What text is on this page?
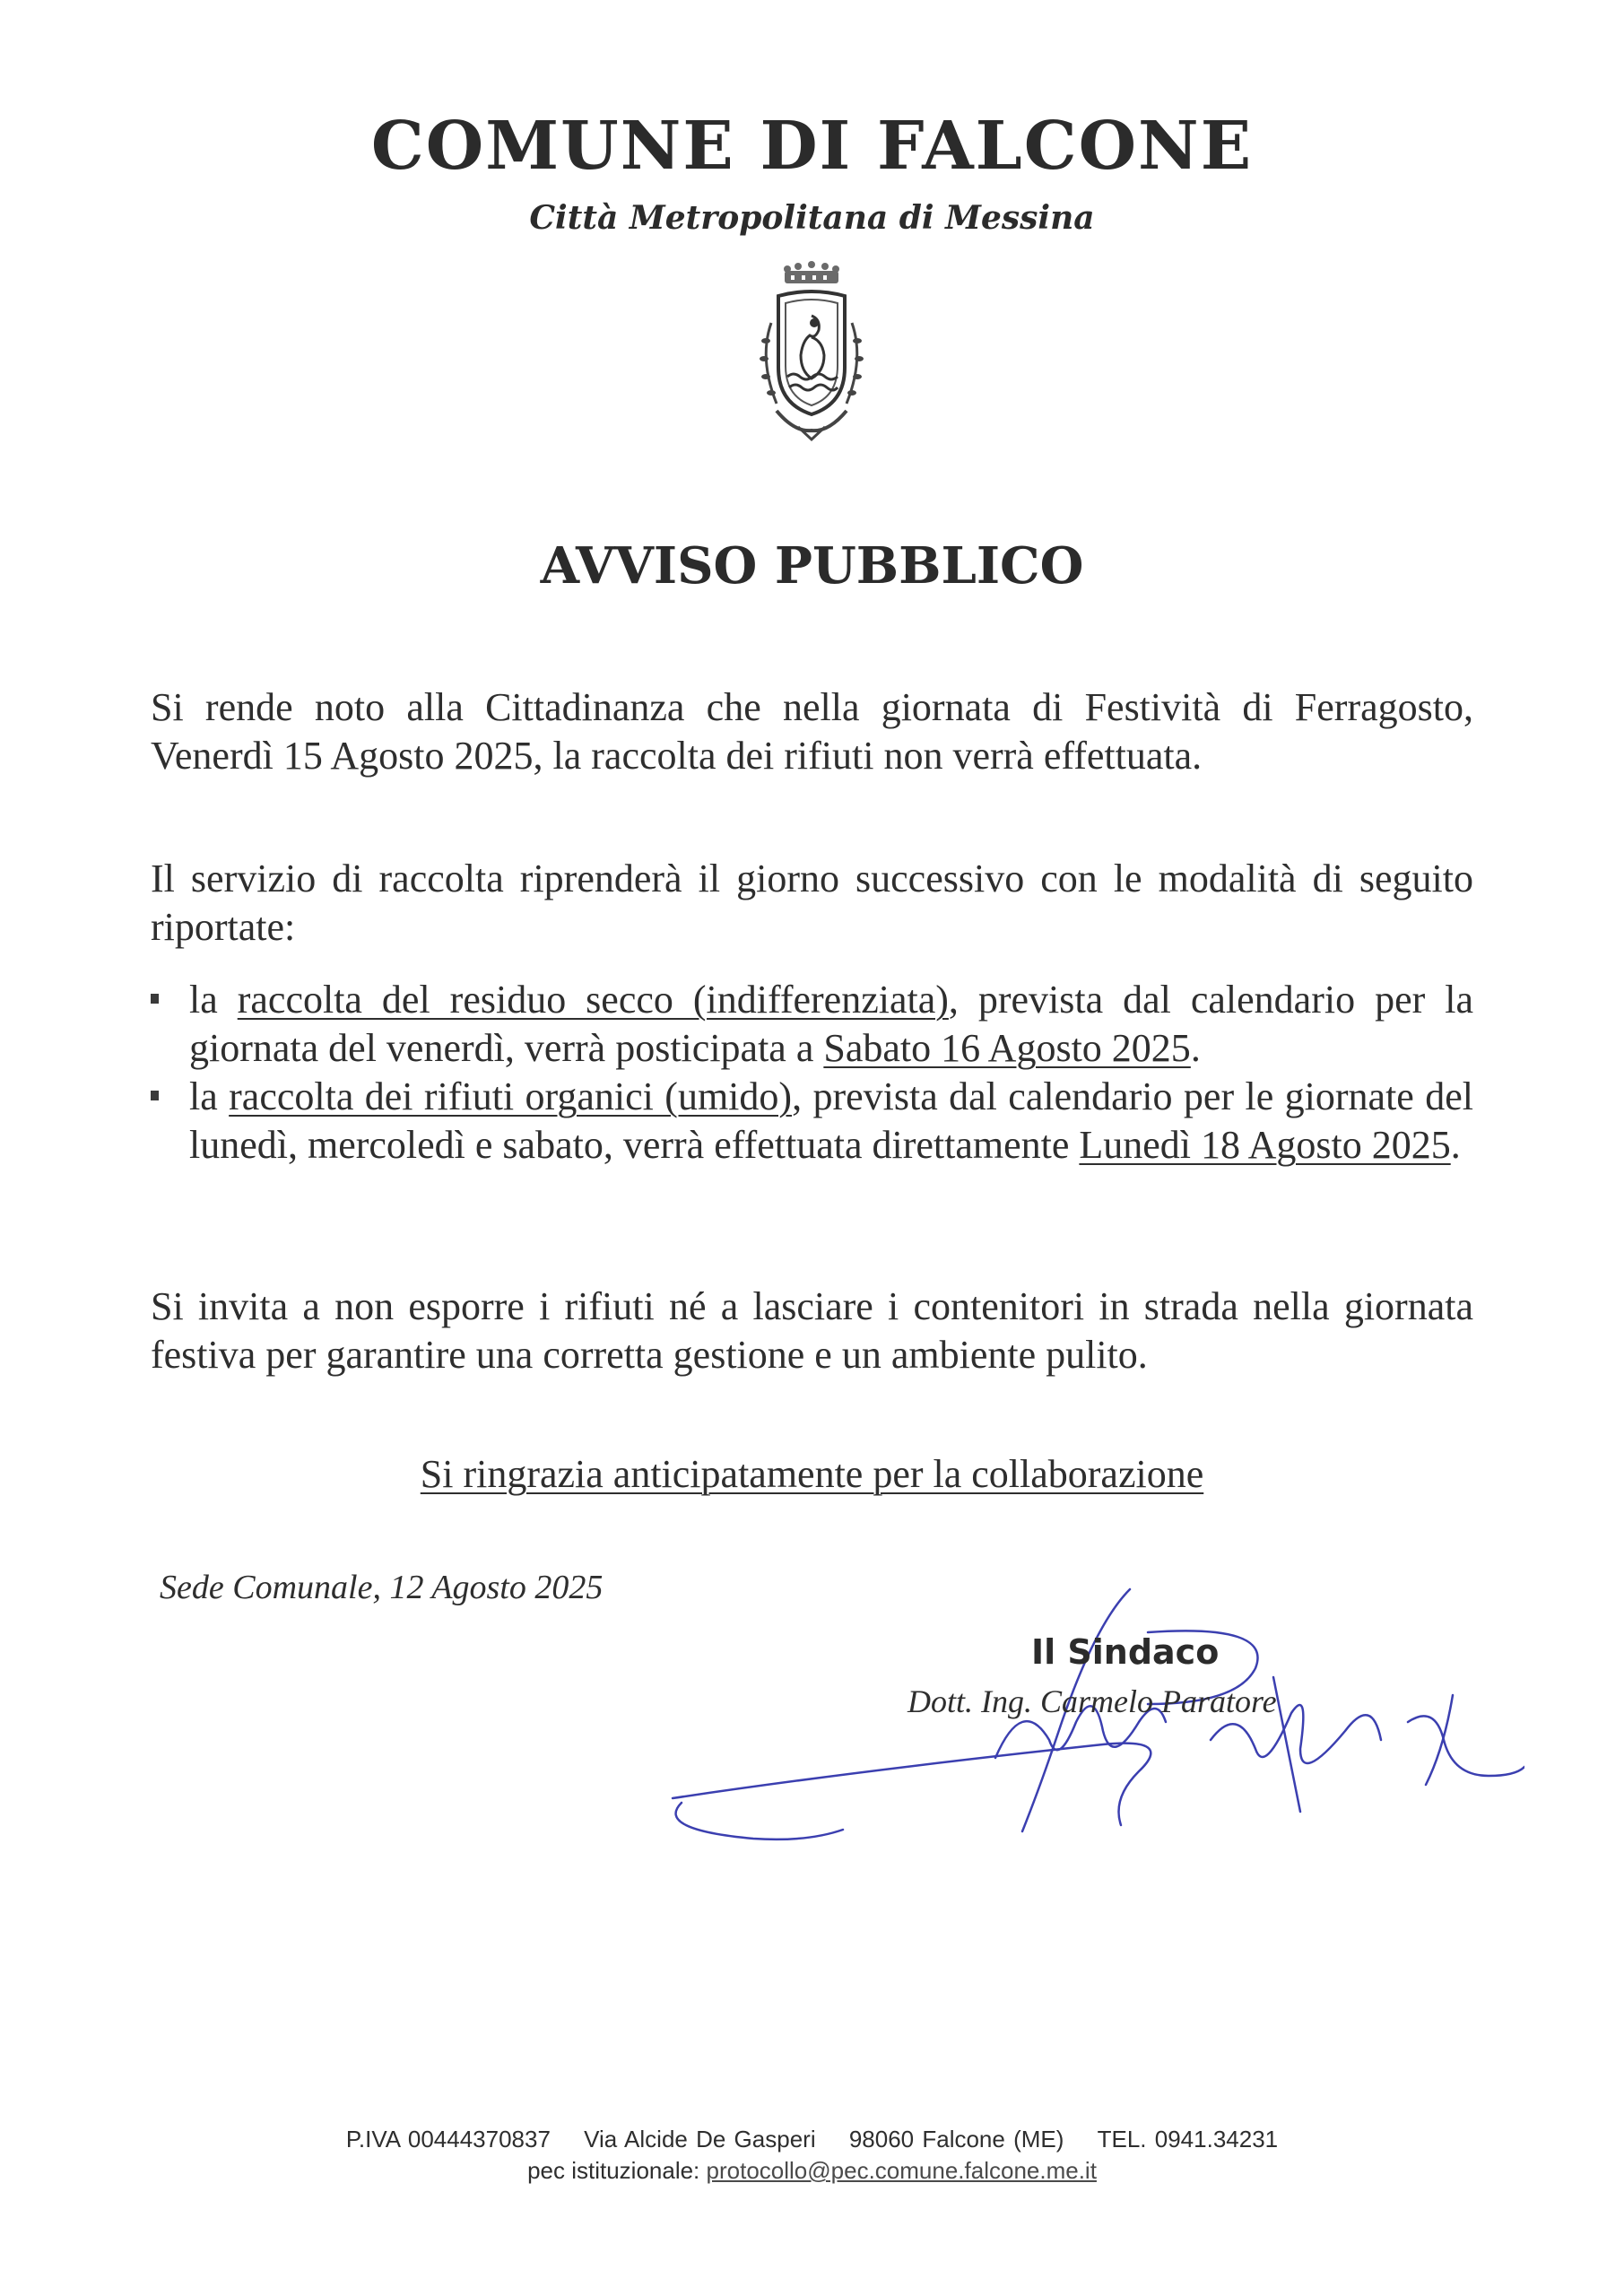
COMUNE DI FALCONE
Città Metropolitana di Messina
AVVISO PUBBLICO
Si rende noto alla Cittadinanza che nella giornata di Festività di Ferragosto, Venerdì 15 Agosto 2025, la raccolta dei rifiuti non verrà effettuata.
Il servizio di raccolta riprenderà il giorno successivo con le modalità di seguito riportate:
la raccolta del residuo secco (indifferenziata), prevista dal calendario per la giornata del venerdì, verrà posticipata a Sabato 16 Agosto 2025.
la raccolta dei rifiuti organici (umido), prevista dal calendario per le giornate del lunedì, mercoledì e sabato, verrà effettuata direttamente Lunedì 18 Agosto 2025.
Si invita a non esporre i rifiuti né a lasciare i contenitori in strada nella giornata festiva per garantire una corretta gestione e un ambiente pulito.
Si ringrazia anticipatamente per la collaborazione
Sede Comunale, 12 Agosto 2025
Il Sindaco
Dott. Ing. Carmelo Paratore
P.IVA 00444370837 Via Alcide De Gasperi 98060 Falcone (ME) TEL. 0941.34231
pec istituzionale: protocollo@pec.comune.falcone.me.it
